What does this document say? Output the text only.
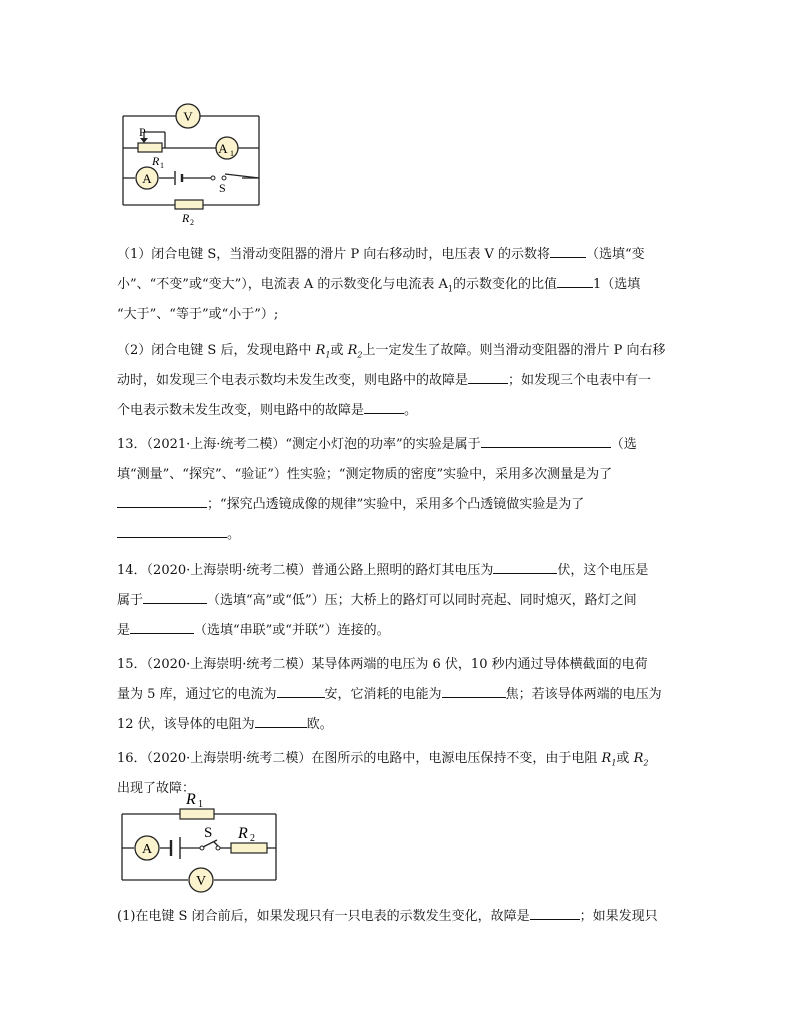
V
A 1
P
R 1
A
S
R 2
（1）闭合电键 S，当滑动变阻器的滑片 P 向右移动时，电压表 V 的示数将	（选填“变
小”、“不变”或“变大”），电流表 A 的示数变化与电流表 $A_1$的示数变化的比值	1（选填
“大于”、“等于”或“小于”）;
（2）闭合电键 S 后，发现电路中 $R_1$或 $R_2$上一定发生了故障。则当滑动变阻器的滑片 P 向右移
动时，如发现三个电表示数均未发生改变，则电路中的故障是	；如发现三个电表中有一
个电表示数未发生改变，则电路中的故障是	。
13．（2021·上海·统考二模）“测定小灯泡的功率”的实验是属于	（选
填“测量”、“探究”、“验证”）性实验；“测定物质的密度”实验中，采用多次测量是为了
；“探究凸透镜成像的规律”实验中，采用多个凸透镜做实验是为了
。
14．（2020·上海崇明·统考二模）普通公路上照明的路灯其电压为	伏，这个电压是
属于	（选填“高”或“低”）压；大桥上的路灯可以同时亮起、同时熄灭，路灯之间
是	（选填“串联”或“并联”）连接的。
15．（2020·上海崇明·统考二模）某导体两端的电压为 6 伏，10 秒内通过导体横截面的电荷
量为 5 库，通过它的电流为	安，它消耗的电能为	焦；若该导体两端的电压为
12 伏，该导体的电阻为	欧。
16．（2020·上海崇明·统考二模）在图所示的电路中，电源电压保持不变，由于电阻 $R_1$或 $R_2$
出现了故障：
R 1
A
S R 2
V
(1)在电键 S 闭合前后，如果发现只有一只电表的示数发生变化，故障是	；如果发现只
